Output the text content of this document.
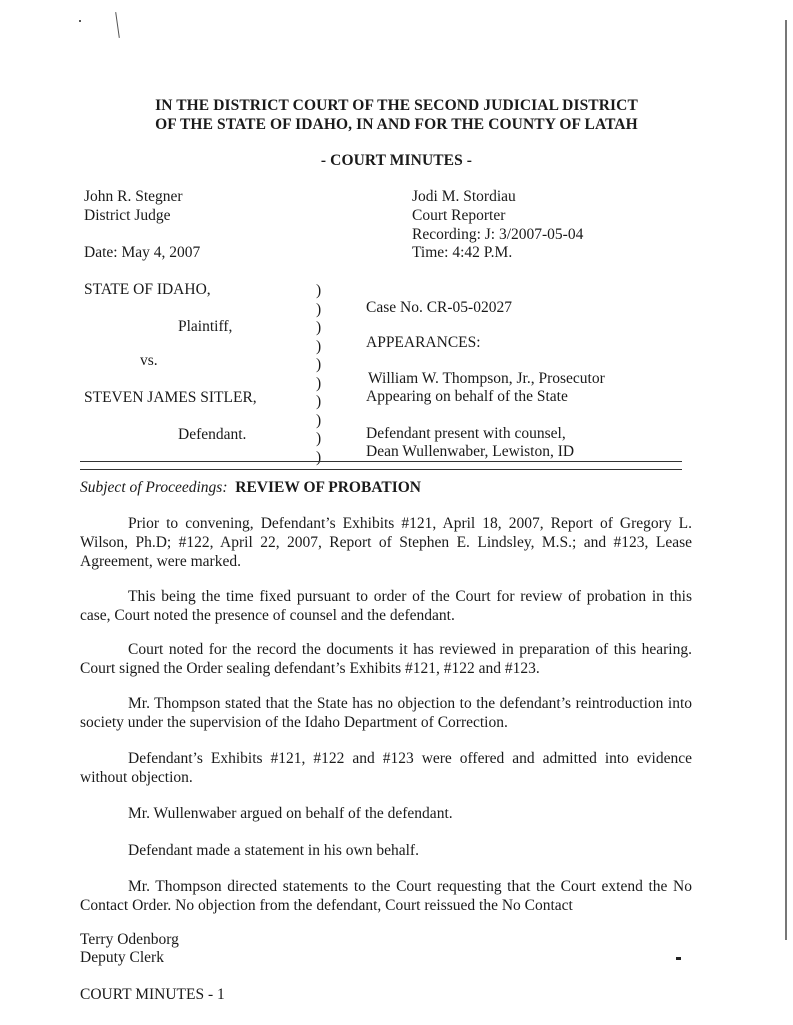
IN THE DISTRICT COURT OF THE SECOND JUDICIAL DISTRICT
OF THE STATE OF IDAHO, IN AND FOR THE COUNTY OF LATAH
- COURT MINUTES -
John R. Stegner
District Judge
Date: May 4, 2007
Jodi M. Stordiau
Court Reporter
Recording: J: 3/2007-05-04
Time: 4:42 P.M.
STATE OF IDAHO,
Plaintiff,
vs.
STEVEN JAMES SITLER,
Defendant.
)
)
)
)
)
)
)
)
)
)
Case No. CR-05-02027
APPEARANCES:
William W. Thompson, Jr., Prosecutor
Appearing on behalf of the State
Defendant present with counsel,
Dean Wullenwaber, Lewiston, ID
Subject of Proceedings: REVIEW OF PROBATION
Prior to convening, Defendant’s Exhibits #121, April 18, 2007, Report of Gregory L. Wilson, Ph.D; #122, April 22, 2007, Report of Stephen E. Lindsley, M.S.; and #123, Lease Agreement, were marked.
This being the time fixed pursuant to order of the Court for review of probation in this case, Court noted the presence of counsel and the defendant.
Court noted for the record the documents it has reviewed in preparation of this hearing. Court signed the Order sealing defendant’s Exhibits #121, #122 and #123.
Mr. Thompson stated that the State has no objection to the defendant’s reintroduction into society under the supervision of the Idaho Department of Correction.
Defendant’s Exhibits #121, #122 and #123 were offered and admitted into evidence without objection.
Mr. Wullenwaber argued on behalf of the defendant.
Defendant made a statement in his own behalf.
Mr. Thompson directed statements to the Court requesting that the Court extend the No Contact Order. No objection from the defendant, Court reissued the No Contact
Terry Odenborg
Deputy Clerk
COURT MINUTES - 1
